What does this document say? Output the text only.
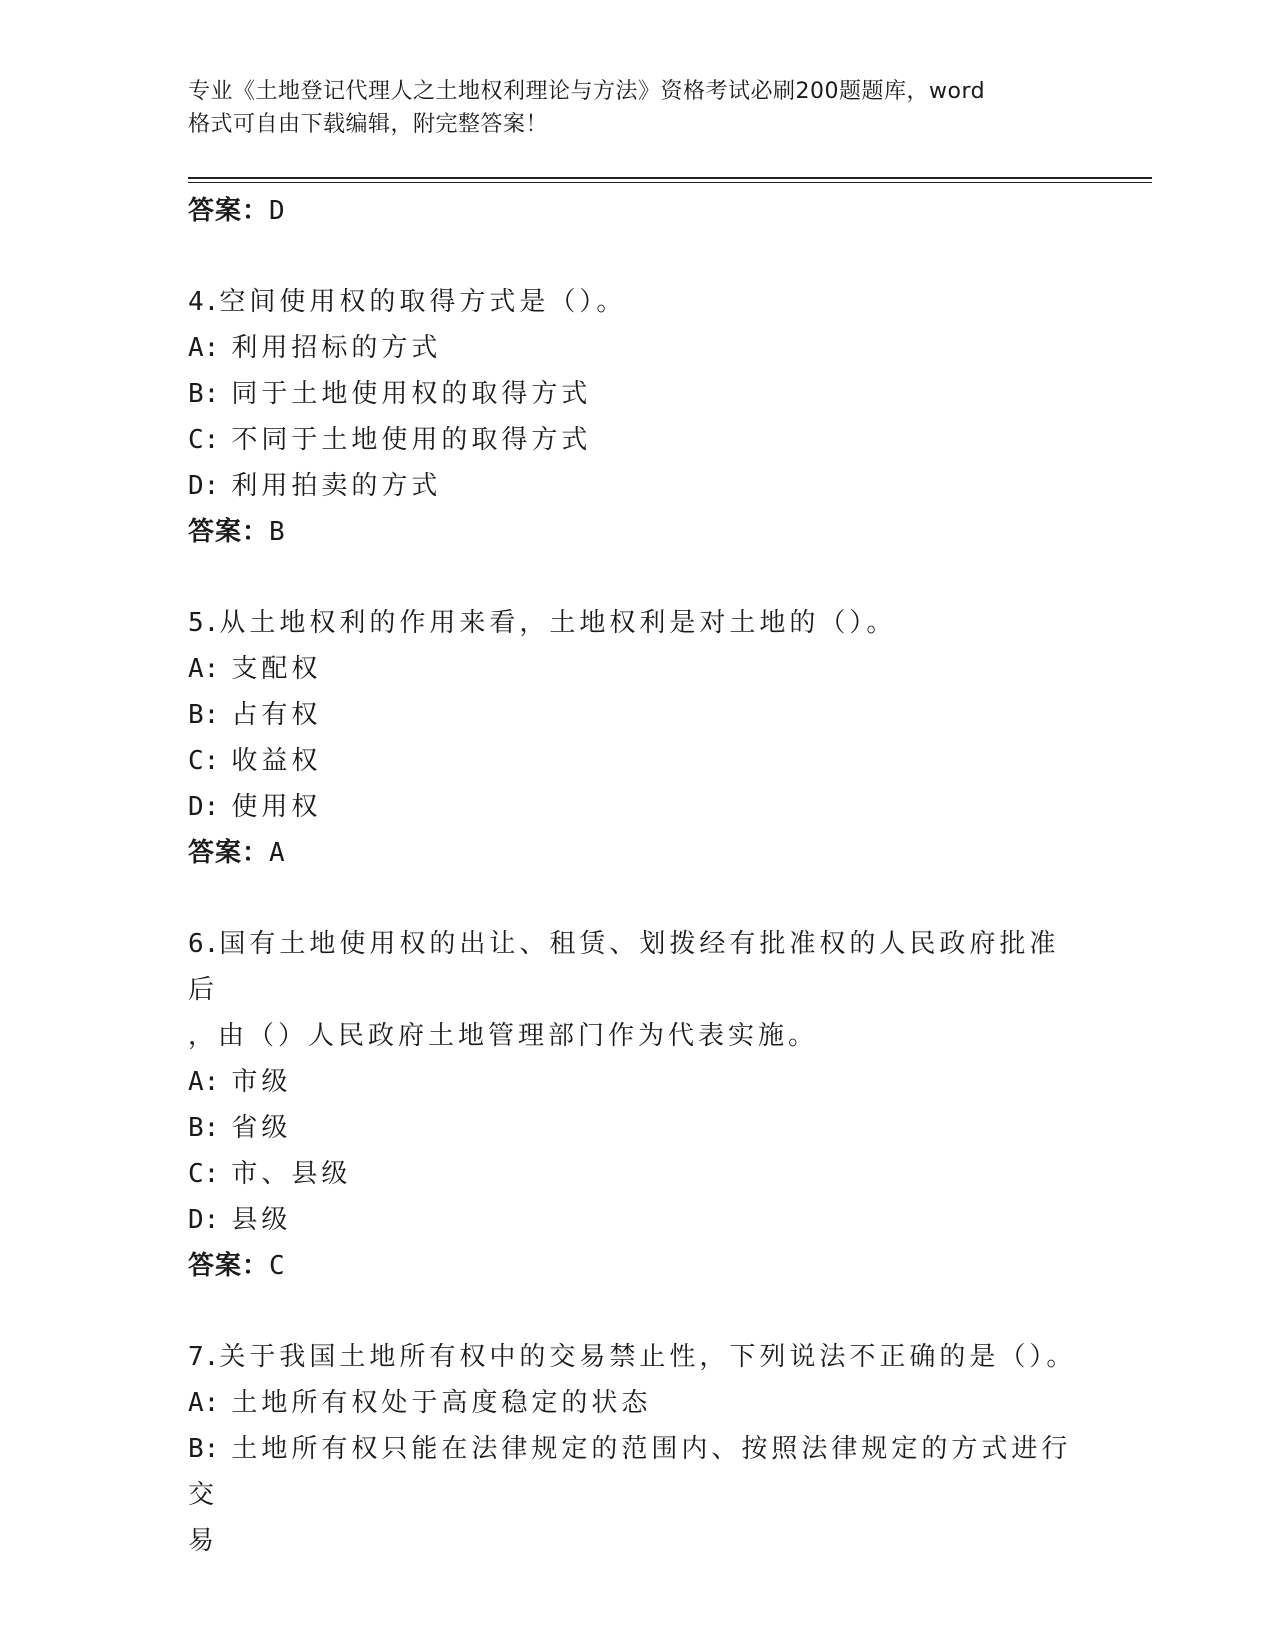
专业《土地登记代理人之土地权利理论与方法》资格考试必刷200题题库，word
格式可自由下载编辑，附完整答案！
答案：D
4.空间使用权的取得方式是（）。
A: 利用招标的方式
B: 同于土地使用权的取得方式
C: 不同于土地使用的取得方式
D: 利用拍卖的方式
答案：B
5.从土地权利的作用来看，土地权利是对土地的（）。
A: 支配权
B: 占有权
C: 收益权
D: 使用权
答案：A
6.国有土地使用权的出让、租赁、划拨经有批准权的人民政府批准后
，由（）人民政府土地管理部门作为代表实施。
A: 市级
B: 省级
C: 市、县级
D: 县级
答案：C
7.关于我国土地所有权中的交易禁止性，下列说法不正确的是（）。
A: 土地所有权处于高度稳定的状态
B: 土地所有权只能在法律规定的范围内、按照法律规定的方式进行交
易
